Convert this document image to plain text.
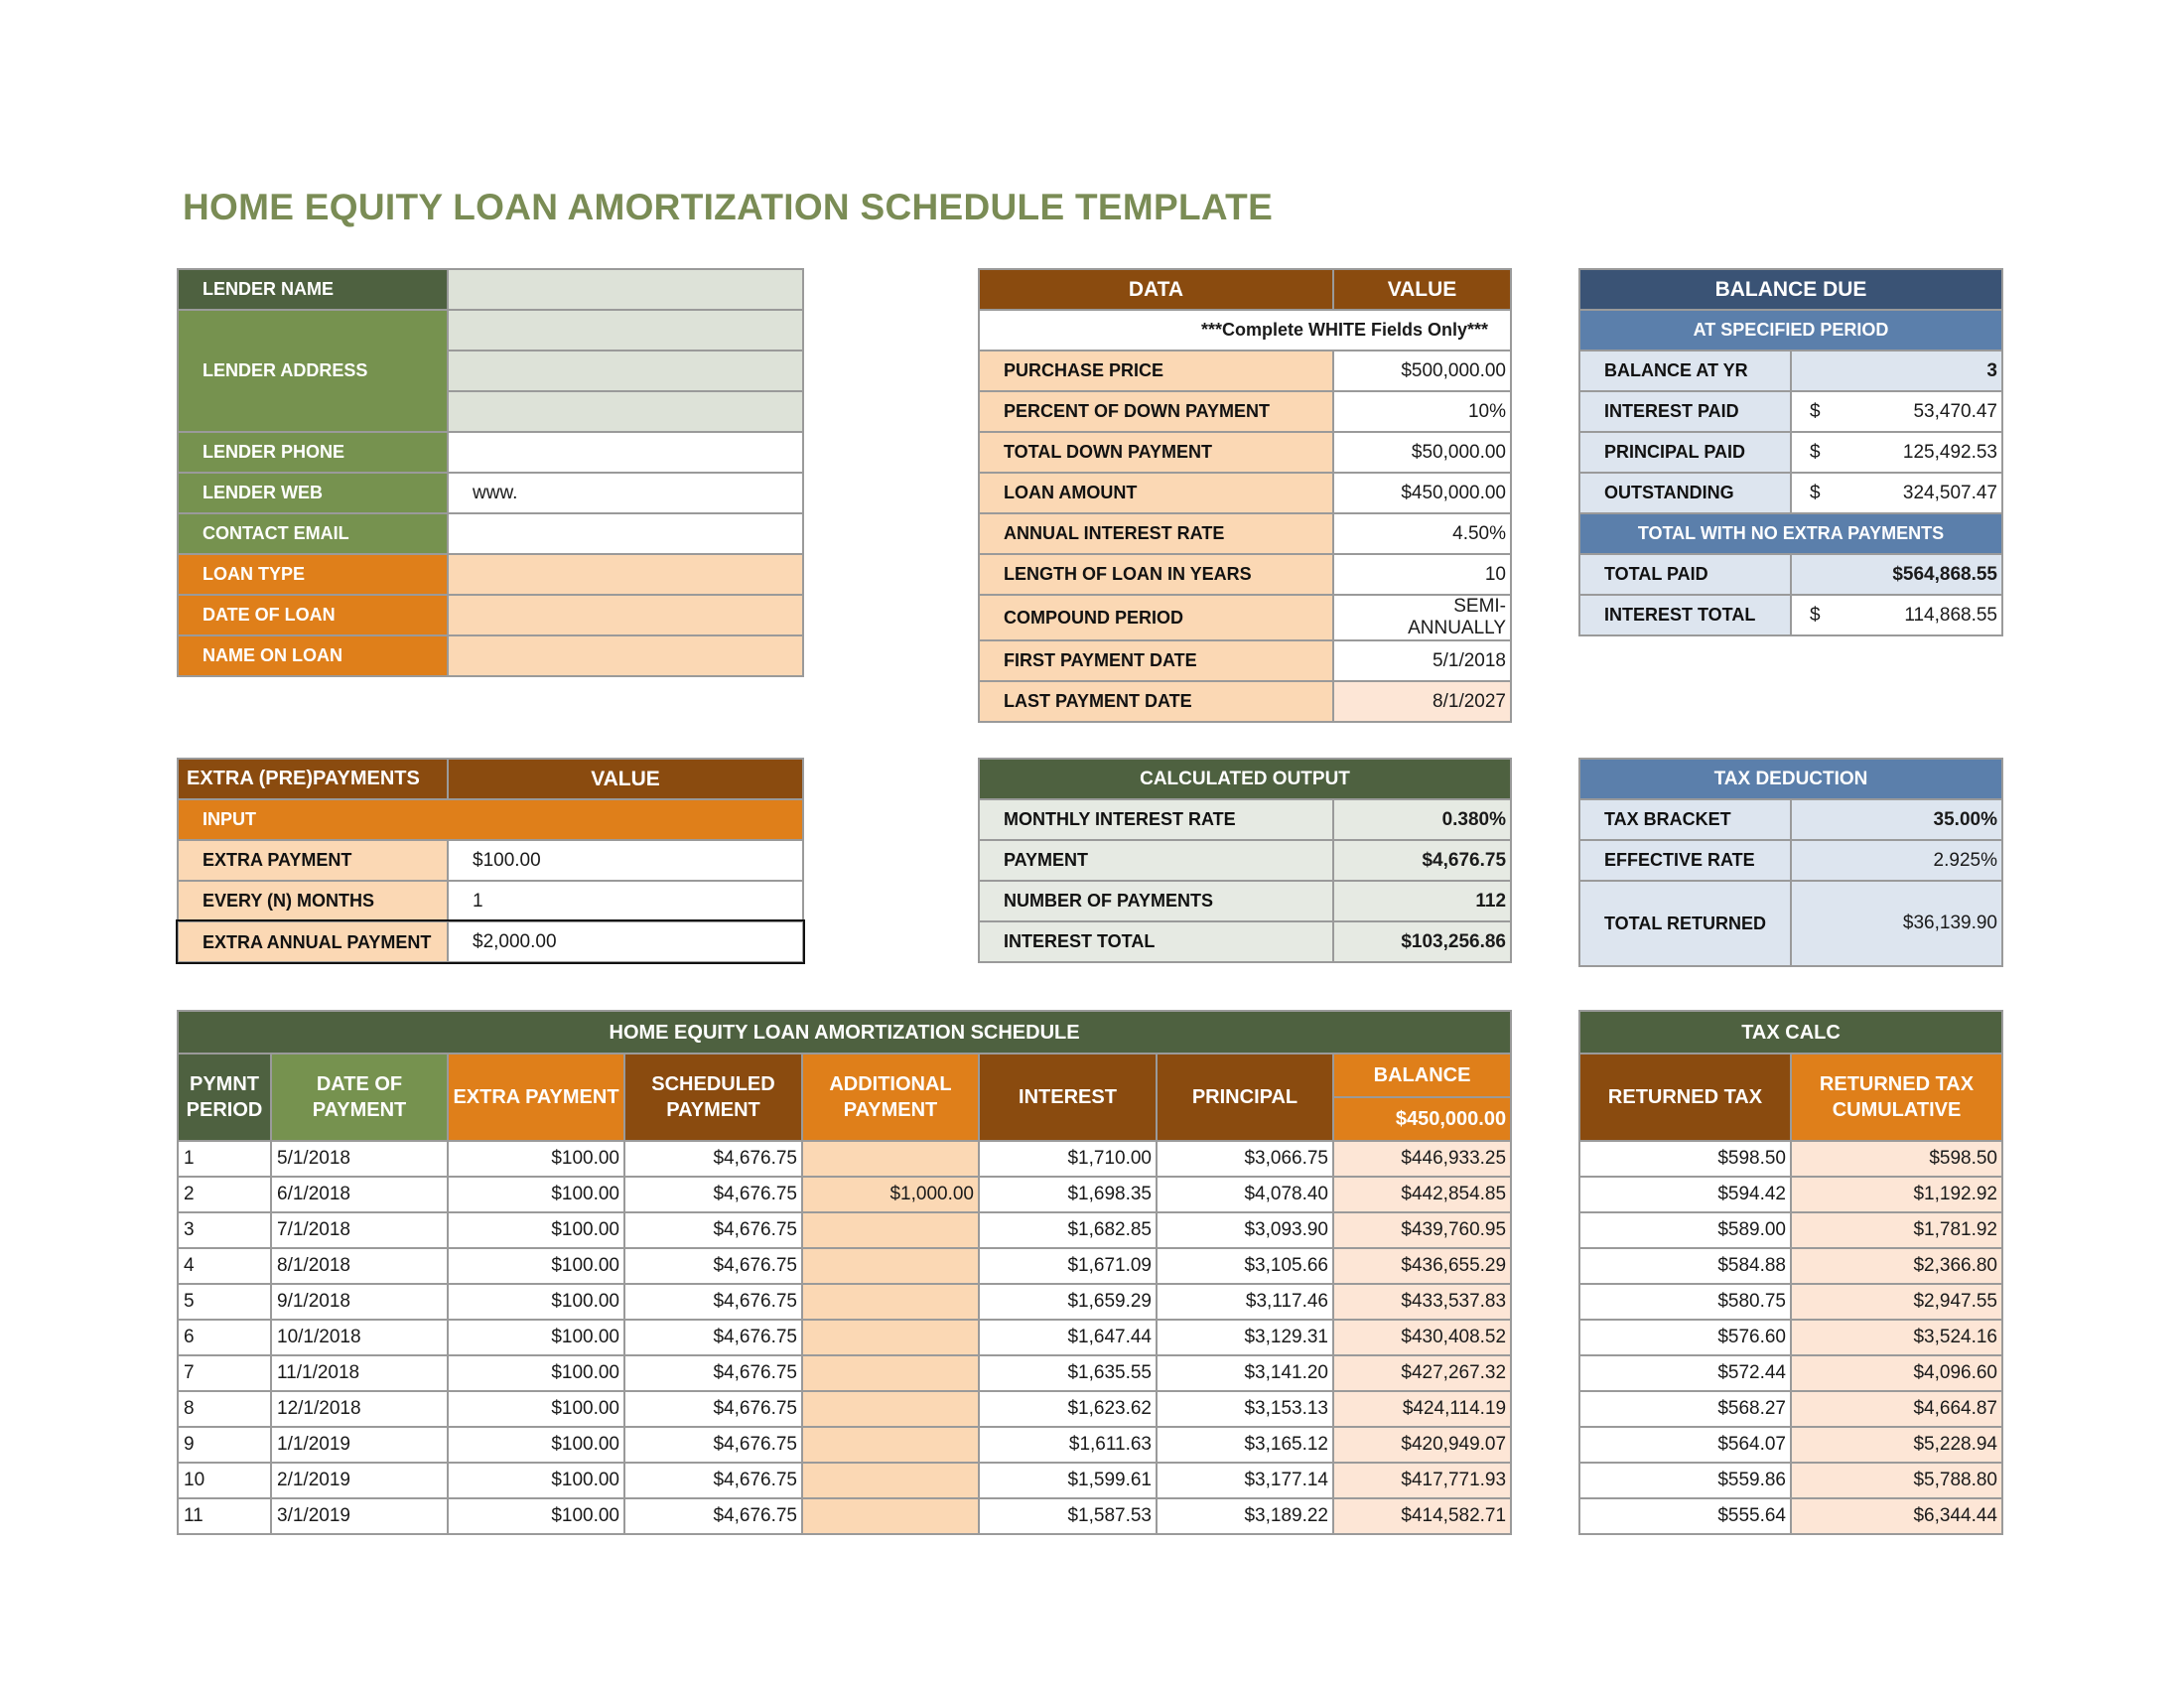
HOME EQUITY LOAN AMORTIZATION SCHEDULE TEMPLATE
LENDER NAME	
LENDER ADDRESS	

LENDER PHONE	
LENDER WEB	www.
CONTACT EMAIL	
LOAN TYPE	
DATE OF LOAN	
NAME ON LOAN	
DATA	VALUE
***Complete WHITE Fields Only***	
PURCHASE PRICE	$500,000.00
PERCENT OF DOWN PAYMENT	10%
TOTAL DOWN PAYMENT	$50,000.00
LOAN AMOUNT	$450,000.00
ANNUAL INTEREST RATE	4.50%
LENGTH OF LOAN IN YEARS	10
COMPOUND PERIOD	SEMI-
ANNUALLY
FIRST PAYMENT DATE	5/1/2018
LAST PAYMENT DATE	8/1/2027
BALANCE DUE	
AT SPECIFIED PERIOD	
BALANCE AT YR	3
INTEREST PAID	$ 53,470.47
PRINCIPAL PAID	$ 125,492.53
OUTSTANDING	$ 324,507.47
TOTAL WITH NO EXTRA PAYMENTS	
TOTAL PAID	$564,868.55
INTEREST TOTAL	$ 114,868.55
EXTRA (PRE)PAYMENTS	VALUE
INPUT	
EXTRA PAYMENT	$100.00
EVERY (N) MONTHS	1
EXTRA ANNUAL PAYMENT	$2,000.00
CALCULATED OUTPUT	
MONTHLY INTEREST RATE	0.380%
PAYMENT	$4,676.75
NUMBER OF PAYMENTS	112
INTEREST TOTAL	$103,256.86
TAX DEDUCTION	
TAX BRACKET	35.00%
EFFECTIVE RATE	2.925%
TOTAL RETURNED	$36,139.90
HOME EQUITY LOAN AMORTIZATION SCHEDULE							
PYMNT PERIOD	DATE OF PAYMENT	EXTRA PAYMENT	SCHEDULED PAYMENT	ADDITIONAL PAYMENT	INTEREST	PRINCIPAL	BALANCE
							$450,000.00
1	5/1/2018	$100.00	$4,676.75		$1,710.00	$3,066.75	$446,933.25
2	6/1/2018	$100.00	$4,676.75	$1,000.00	$1,698.35	$4,078.40	$442,854.85
3	7/1/2018	$100.00	$4,676.75		$1,682.85	$3,093.90	$439,760.95
4	8/1/2018	$100.00	$4,676.75		$1,671.09	$3,105.66	$436,655.29
5	9/1/2018	$100.00	$4,676.75		$1,659.29	$3,117.46	$433,537.83
6	10/1/2018	$100.00	$4,676.75		$1,647.44	$3,129.31	$430,408.52
7	11/1/2018	$100.00	$4,676.75		$1,635.55	$3,141.20	$427,267.32
8	12/1/2018	$100.00	$4,676.75		$1,623.62	$3,153.13	$424,114.19
9	1/1/2019	$100.00	$4,676.75		$1,611.63	$3,165.12	$420,949.07
10	2/1/2019	$100.00	$4,676.75		$1,599.61	$3,177.14	$417,771.93
11	3/1/2019	$100.00	$4,676.75		$1,587.53	$3,189.22	$414,582.71
TAX CALC	
RETURNED TAX	RETURNED TAX CUMULATIVE
$598.50	$598.50
$594.42	$1,192.92
$589.00	$1,781.92
$584.88	$2,366.80
$580.75	$2,947.55
$576.60	$3,524.16
$572.44	$4,096.60
$568.27	$4,664.87
$564.07	$5,228.94
$559.86	$5,788.80
$555.64	$6,344.44
